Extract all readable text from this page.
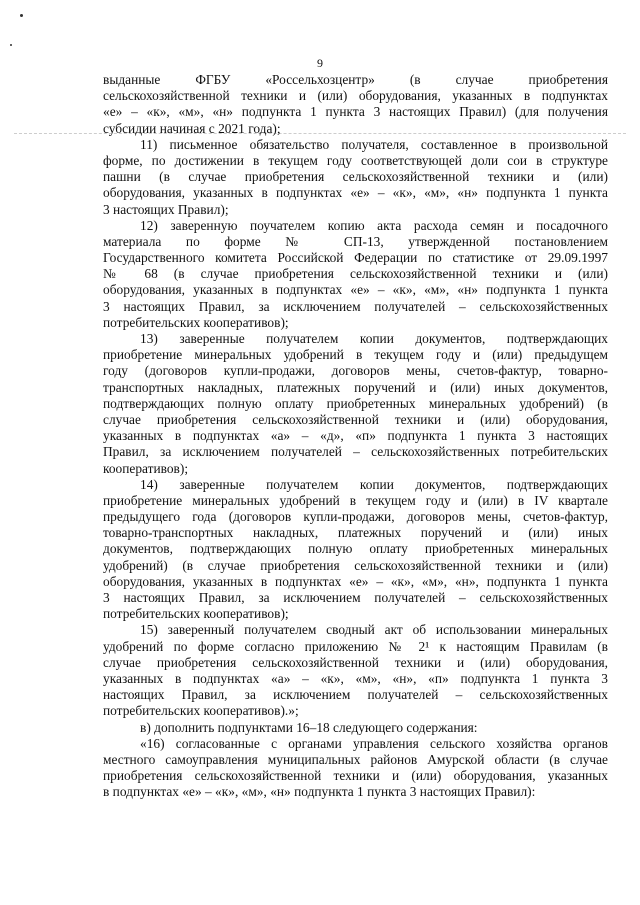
9
выданные ФГБУ «Россельхозцентр» (в случае приобретения
сельскохозяйственной техники и (или) оборудования, указанных в подпунктах
«е» – «к», «м», «н» подпункта 1 пункта 3 настоящих Правил) (для получения
субсидии начиная с 2021 года);
11) письменное обязательство получателя, составленное в произвольной
форме, по достижении в текущем году соответствующей доли сои в структуре
пашни (в случае приобретения сельскохозяйственной техники и (или)
оборудования, указанных в подпунктах «е» – «к», «м», «н» подпункта 1 пункта
3 настоящих Правил);
12) заверенную поучателем копию акта расхода семян и посадочного
материала по форме № СП-13, утвержденной постановлением
Государственного комитета Российской Федерации по статистике от 29.09.1997
№ 68 (в случае приобретения сельскохозяйственной техники и (или)
оборудования, указанных в подпунктах «е» – «к», «м», «н» подпункта 1 пункта
3 настоящих Правил, за исключением получателей – сельскохозяйственных
потребительских кооперативов);
13) заверенные получателем копии документов, подтверждающих
приобретение минеральных удобрений в текущем году и (или) предыдущем
году (договоров купли-продажи, договоров мены, счетов-фактур, товарно-
транспортных накладных, платежных поручений и (или) иных документов,
подтверждающих полную оплату приобретенных минеральных удобрений) (в
случае приобретения сельскохозяйственной техники и (или) оборудования,
указанных в подпунктах «а» – «д», «п» подпункта 1 пункта 3 настоящих
Правил, за исключением получателей – сельскохозяйственных потребительских
кооперативов);
14) заверенные получателем копии документов, подтверждающих
приобретение минеральных удобрений в текущем году и (или) в IV квартале
предыдущего года (договоров купли-продажи, договоров мены, счетов-фактур,
товарно-транспортных накладных, платежных поручений и (или) иных
документов, подтверждающих полную оплату приобретенных минеральных
удобрений) (в случае приобретения сельскохозяйственной техники и (или)
оборудования, указанных в подпунктах «е» – «к», «м», «н», подпункта 1 пункта
3 настоящих Правил, за исключением получателей – сельскохозяйственных
потребительских кооперативов);
15) заверенный получателем сводный акт об использовании минеральных
удобрений по форме согласно приложению № 2¹ к настоящим Правилам (в
случае приобретения сельскохозяйственной техники и (или) оборудования,
указанных в подпунктах «а» – «к», «м», «н», «п» подпункта 1 пункта 3
настоящих Правил, за исключением получателей – сельскохозяйственных
потребительских кооперативов).»;
в) дополнить подпунктами 16–18 следующего содержания:
«16) согласованные с органами управления сельского хозяйства органов
местного самоуправления муниципальных районов Амурской области (в случае
приобретения сельскохозяйственной техники и (или) оборудования, указанных
в подпунктах «е» – «к», «м», «н» подпункта 1 пункта 3 настоящих Правил):
